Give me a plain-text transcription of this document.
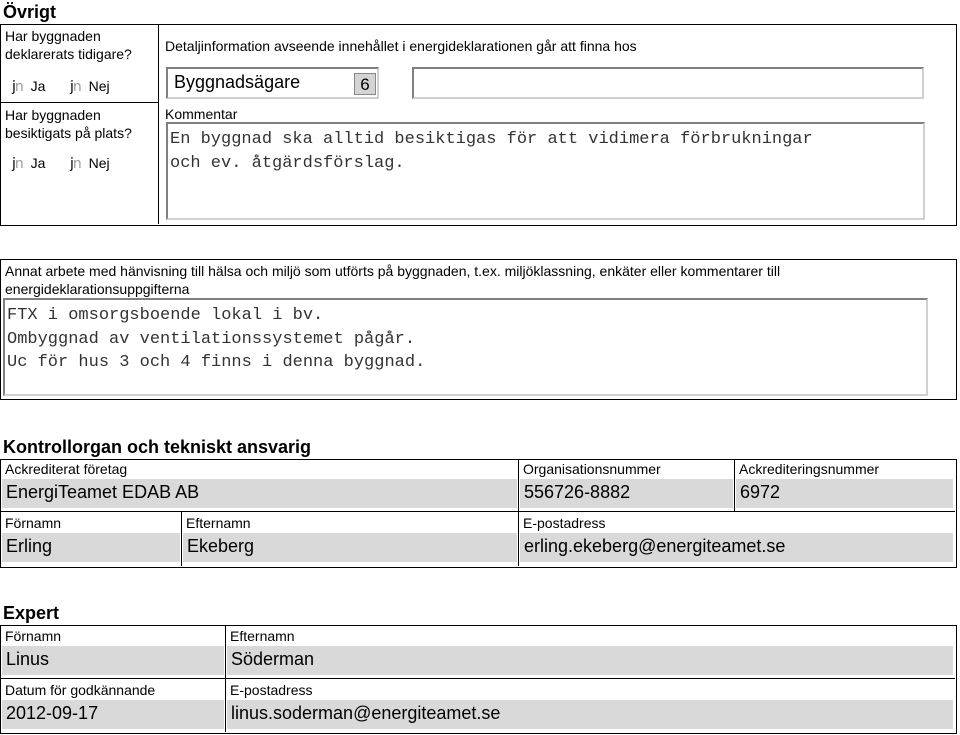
Övrigt
Har byggnaden deklarerats tidigare?
jn Ja jn Nej
Har byggnaden besiktigats på plats?
jn Ja jn Nej
Detaljinformation avseende innehållet i energideklarationen går att finna hos
Byggnadsägare	6
Kommentar
En byggnad ska alltid besiktigas för att vidimera förbrukningar
och ev. åtgärdsförslag.
Annat arbete med hänvisning till hälsa och miljö som utförts på byggnaden, t.ex. miljöklassning, enkäter eller kommentarer till energideklarationsuppgifterna
FTX i omsorgsboende lokal i bv.
Ombyggnad av ventilationssystemet pågår.
Uc för hus 3 och 4 finns i denna byggnad.
Kontrollorgan och tekniskt ansvarig
Ackrediterat företag
EnergiTeamet EDAB AB
Organisationsnummer
556726-8882
Ackrediteringsnummer
6972
Förnamn
Erling
Efternamn
Ekeberg
E-postadress
erling.ekeberg@energiteamet.se
Expert
Förnamn
Linus
Efternamn
Söderman
Datum för godkännande
2012-09-17
E-postadress
linus.soderman@energiteamet.se
